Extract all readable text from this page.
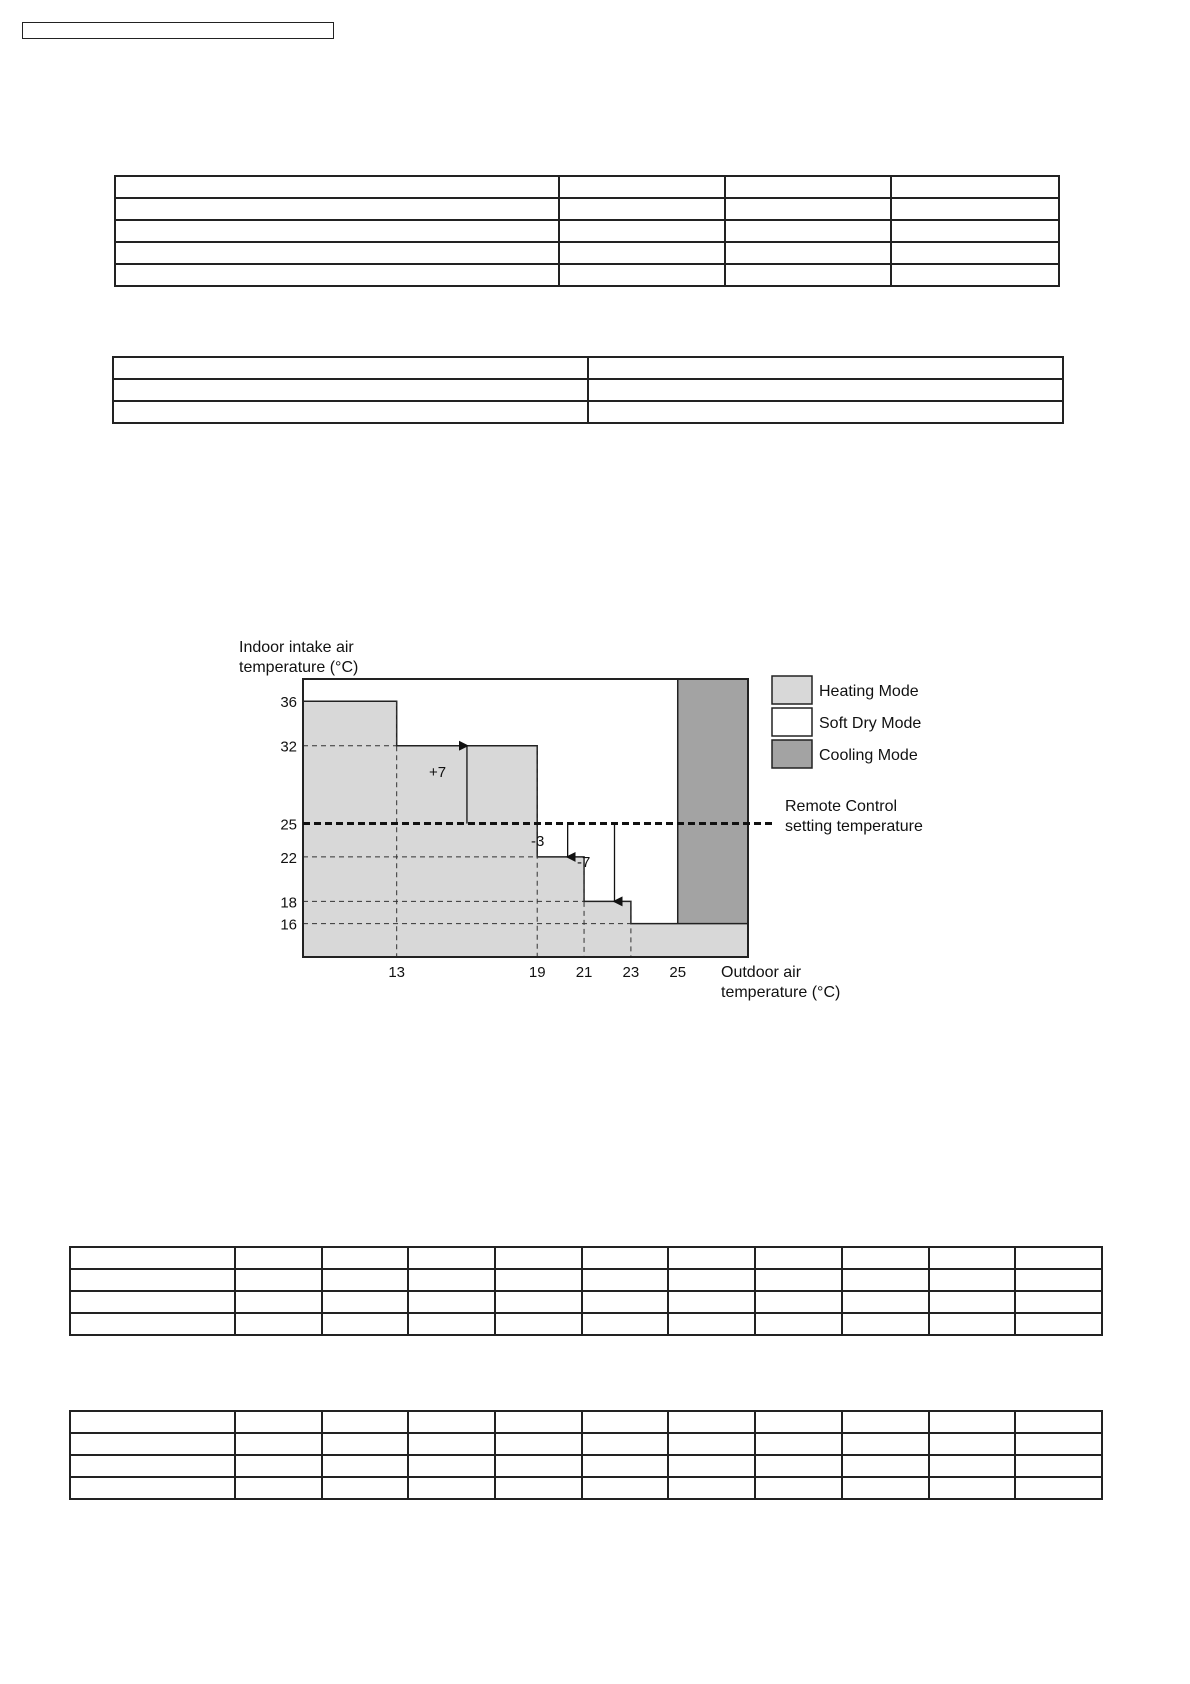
Indoor intake air
temperature (°C)
Outdoor air
temperature (°C)
36
32
25
22
18
16
13	19 21 23 25
+7
-3
-7
Remote Control
setting temperature
Heating Mode
Soft Dry Mode
Cooling Mode
